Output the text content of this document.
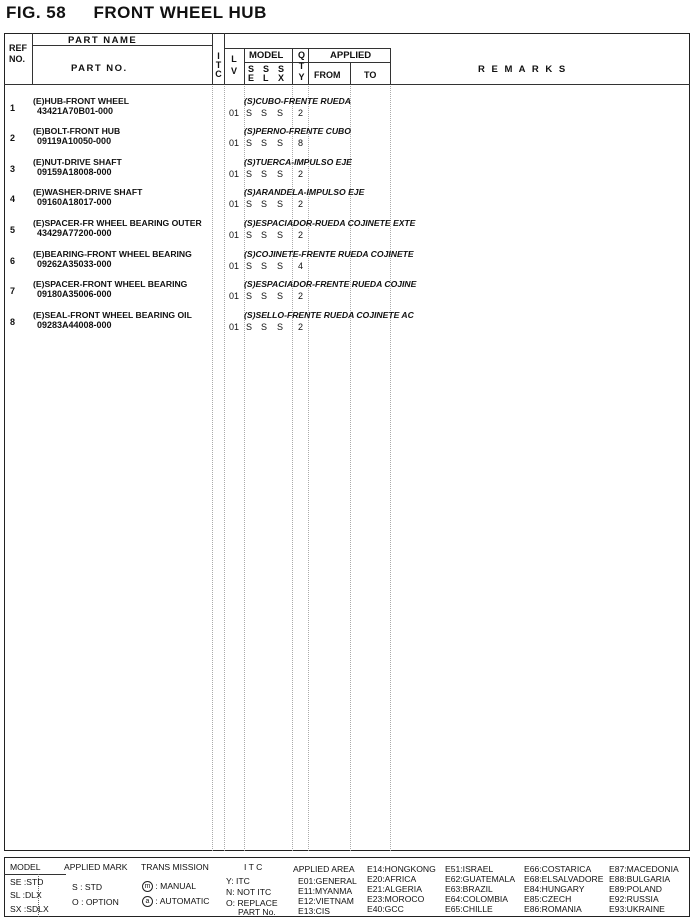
FIG. 58 FRONT WHEEL HUB
REF
NO.
PART NAME
PART NO.
I
T
C
L
V
MODEL
S
E
S
L
S
X
Q
T
Y
APPLIED
FROM	TO	R E M A R K S
1
(E)HUB-FRONT WHEEL
43421A70B01-000
(S)CUBO-FRENTE RUEDA
01 S S S 2
2
(E)BOLT-FRONT HUB
09119A10050-000
(S)PERNO-FRENTE CUBO
01 S S S 8
3
(E)NUT-DRIVE SHAFT
09159A18008-000
(S)TUERCA-IMPULSO EJE
01 S S S 2
4
(E)WASHER-DRIVE SHAFT
09160A18017-000
(S)ARANDELA-IMPULSO EJE
01 S S S 2
5
(E)SPACER-FR WHEEL BEARING OUTER
43429A77200-000
(S)ESPACIADOR-RUEDA COJINETE EXTE
01 S S S 2
6
(E)BEARING-FRONT WHEEL BEARING
09262A35033-000
(S)COJINETE-FRENTE RUEDA COJINETE
01 S S S 4
7
(E)SPACER-FRONT WHEEL BEARING
09180A35006-000
(S)ESPACIADOR-FRENTE RUEDA COJINE
01 S S S 2
8
(E)SEAL-FRONT WHEEL BEARING OIL
09283A44008-000
(S)SELLO-FRENTE RUEDA COJINETE AC
01 S S S 2
MODEL
SE :STD
SL :DLX
SX :SDLX
APPLIED MARK
S : STD
O : OPTION
TRANS MISSION
m : MANUAL
a : AUTOMATIC
I T C
Y: ITC
N: NOT ITC
O: REPLACE
PART No.
APPLIED AREA
E01:GENERAL
E11:MYANMA
E12:VIETNAM
E13:CIS
E14:HONGKONG
E20:AFRICA
E21:ALGERIA
E23:MOROCO
E40:GCC
E51:ISRAEL
E62:GUATEMALA
E63:BRAZIL
E64:COLOMBIA
E65:CHILLE
E66:COSTARICA
E68:ELSALVADORE
E84:HUNGARY
E85:CZECH
E86:ROMANIA
E87:MACEDONIA
E88:BULGARIA
E89:POLAND
E92:RUSSIA
E93:UKRAINE
